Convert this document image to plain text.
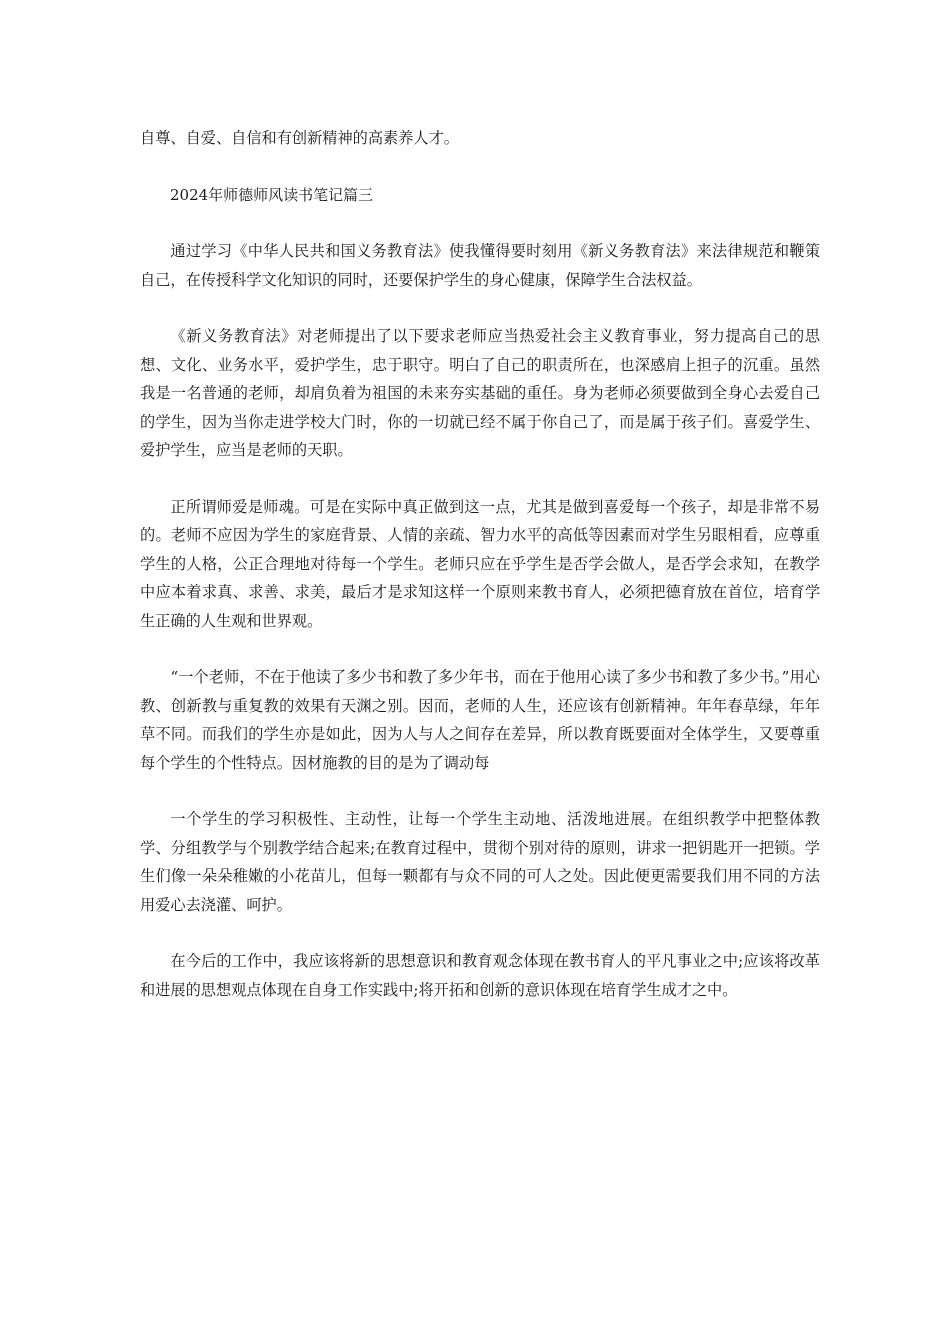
自尊、自爱、自信和有创新精神的高素养人才。

2024年师德师风读书笔记篇三

通过学习《中华人民共和国义务教育法》使我懂得要时刻用《新义务教育法》来法律规范和鞭策自己，在传授科学文化知识的同时，还要保护学生的身心健康，保障学生合法权益。

《新义务教育法》对老师提出了以下要求老师应当热爱社会主义教育事业，努力提高自己的思想、文化、业务水平，爱护学生，忠于职守。明白了自己的职责所在，也深感肩上担子的沉重。虽然我是一名普通的老师，却肩负着为祖国的未来夯实基础的重任。身为老师必须要做到全身心去爱自己的学生，因为当你走进学校大门时，你的一切就已经不属于你自己了，而是属于孩子们。喜爱学生、爱护学生，应当是老师的天职。

正所谓师爱是师魂。可是在实际中真正做到这一点，尤其是做到喜爱每一个孩子，却是非常不易的。老师不应因为学生的家庭背景、人情的亲疏、智力水平的高低等因素而对学生另眼相看，应尊重学生的人格，公正合理地对待每一个学生。老师只应在乎学生是否学会做人，是否学会求知，在教学中应本着求真、求善、求美，最后才是求知这样一个原则来教书育人，必须把德育放在首位，培育学生正确的人生观和世界观。

“一个老师，不在于他读了多少书和教了多少年书，而在于他用心读了多少书和教了多少书。”用心教、创新教与重复教的效果有天渊之别。因而，老师的人生，还应该有创新精神。年年春草绿，年年草不同。而我们的学生亦是如此，因为人与人之间存在差异，所以教育既要面对全体学生，又要尊重每个学生的个性特点。因材施教的目的是为了调动每

一个学生的学习积极性、主动性，让每一个学生主动地、活泼地进展。在组织教学中把整体教学、分组教学与个别教学结合起来;在教育过程中，贯彻个别对待的原则，讲求一把钥匙开一把锁。学生们像一朵朵稚嫩的小花苗儿，但每一颗都有与众不同的可人之处。因此便更需要我们用不同的方法用爱心去浇灌、呵护。

在今后的工作中，我应该将新的思想意识和教育观念体现在教书育人的平凡事业之中;应该将改革和进展的思想观点体现在自身工作实践中;将开拓和创新的意识体现在培育学生成才之中。
